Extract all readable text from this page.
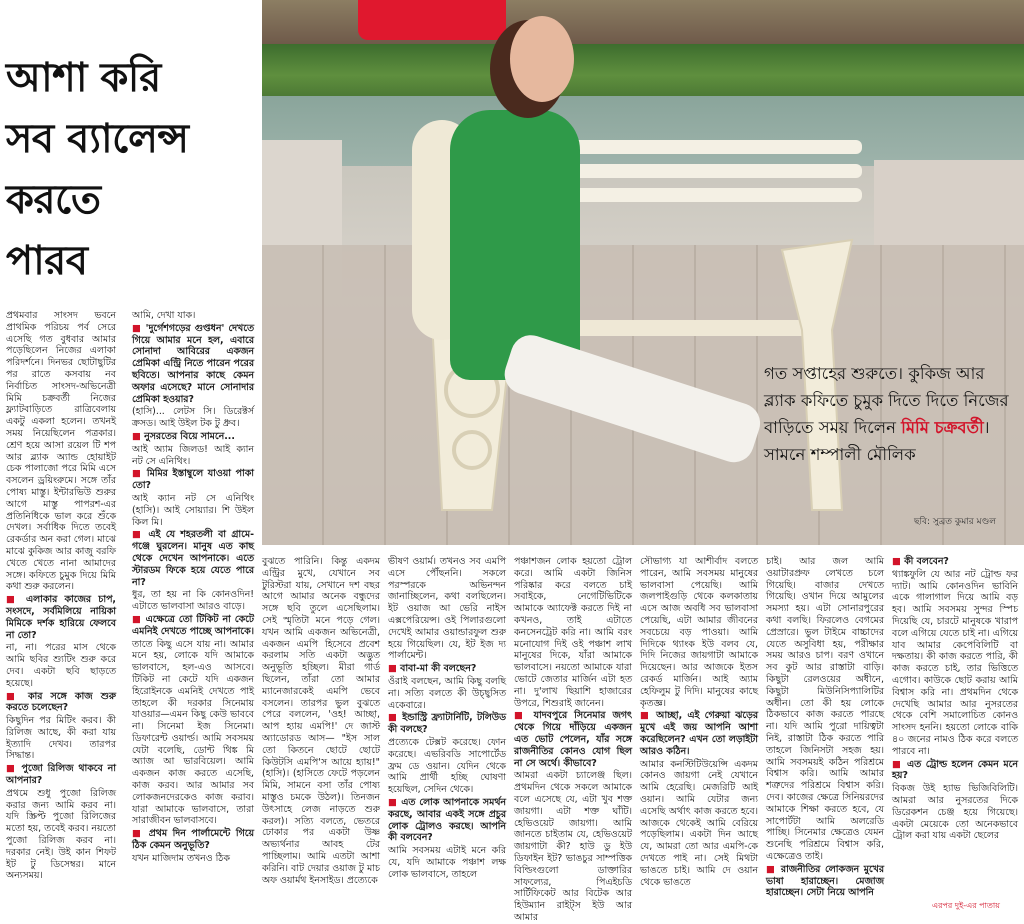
আশা করি
সব ব্যালেন্স
করতে
পারব
গত সপ্তাহের শুরুতে। কুকিজ আর ব্ল্যাক কফিতে চুমুক দিতে দিতে নিজের বাড়িতে সময় দিলেন মিমি চক্রবর্তী। সামনে শম্পালী মৌলিক
ছবি: সুব্রত কুমার মণ্ডল

প্রথমবার সাংসদ ভবনে প্রাথমিক পরিচয় পর্ব সেরে এসেছি গত বুধবার আমার পড়েছিলেন নিজের এলাকা পরিদর্শনে। দিনভর ছোটাছুটির পর রাতে কসবায় নব নির্বাচিত সাংসদ-অভিনেত্রী মিমি চক্রবর্তী নিজের ফ্ল্যাটবাড়িতে রাত্রিবেলায় একটু একলা হলেন। তখনই সময় নিয়েছিলেন পত্রকার। শ্রেণ হয়ে আসা রয়েল টি শপ আর ব্ল্যাক অ্যান্ড হোয়াইট চেক পালাজো পরে মিমি এসে বসলেন ড্রয়িংরুমে। সঙ্গে তাঁর পোষ্য মাস্তু। ইন্টারভিউ শুরুর আগে মাস্তু পাপরশ-এর প্রতিনিধিকে ভাল করে শুঁকে দেখল। সর্বাধিক দিতে তবেই রেকর্ডার অন করা গেল। মাঝে মাঝে কুকিজ আর কাজু বরফি খেতে খেতে নানা আমাদের সঙ্গে। কফিতে চুমুক দিয়ে মিমি কথা শুরু করলেন।

■ এলাকার কাজের চাপ, সংসদে, সর্বমিলিয়ে নায়িকা মিমিকে দর্শক হারিয়ে ফেলবে না তো?

না, না। পরের মাস থেকে আমি ছবির শ্যুটিং শুরু করে দেব। একটা ছবি ছাড়তে হয়েছে।

■ কার সঙ্গে কাজ শুরু করতে চলেছেন?

কিছুদিন পর মিটিং করব। কী রিলিজ আছে, কী করা যায় ইত্যাদি দেখব। তারপর সিদ্ধান্ত।

■ পুজো রিলিজ থাকবে না আপনার?

প্রথমে শুধু পুজো রিলিজ করার জন্য আমি করব না। যদি স্ক্রিপ্ট পুজো রিলিজের মতো হয়, তবেই করব। নয়তো পুজো রিলিজ করব না। দরকার নেই। উই কান শিফট ইট টু ডিসেম্বর। মানে অন্যসময়।

আমি, দেখা যাক।

■ 'দুর্গেশগড়ের গুপ্তধন' দেখতে গিয়ে আমার মনে হল, এবারে সোনাদা আবিরের একজন প্রেমিকা এন্ট্রি নিতে পারেন পরের ছবিতে। আপনার কাছে কেমন অফার এসেছে? মানে সোনাদার প্রেমিকা হওয়ার?

(হাসি)... লেটস সি। ডিরেক্টর্স ক্রসড। আই উইল টক টু ধ্রুব।

■ নুসরতের বিয়ে সামনে...

আই অ্যাম জিলড! আই ক্যান নট সে এনিথিং।

■ মিমির ইস্তাম্বুলে যাওয়া পাকা তো?

আই ক্যান নট সে এনিথিং (হাসি)। আই সোয়্যার। শি উইল কিল মি।

■ এই যে শহরতলী বা গ্রামে-গঞ্জে ঘুরলেন। মানুষ এত কাছ থেকে দেখেন আপনাকে। এতে স্টারডম ফিকে হয়ে যেতে পারে না?

ধুর, তা হয় না কি কোনওদিন! এটাতে ভালবাসা আরও বাড়ে।

■ এক্ষেত্রে তো টিকিট না কেটে এমনিই দেখতে পাচ্ছে আপনাকে।

তাতে কিছু এসে যায় না। আমার মনে হয়, লোকে যদি আমাকে ভালবাসে, হল-এও আসবে। টিকিট না কেটে যদি একজন হিরোইনকে এমনিই দেখতে পাই তাহলে কী দরকার সিনেমায় যাওয়ার—এমন কিছু কেউ ভাববে না। সিনেমা ইজ সিনেমা। ডিফারেন্ট ওয়ার্ল্ড। আমি সবসময় যেটা বলেছি, ডোন্ট থিঙ্ক মি অ্যাজ আ ভারবিয়েল। আমি একজন কাজ করতে এসেছি, কাজ করব। আর আমার সব লোকজনদেরকেও কাজ করাব। যারা আমাকে ভালবাসে, তারা সারাজীবন ভালবাসবে।

■ প্রথম দিন পার্লামেন্টে গিয়ে ঠিক কেমন অনুভূতি?

যখন মাজিদাম তখনও ঠিক

বুঝতে পারিনি। কিন্তু একদম এন্ট্রির মুখে, যেখানে সব টুরিস্টরা যায়, সেখানে দশ বছর আগে আমার অনেক বন্ধুদের সঙ্গে ছবি তুলে এসেছিলাম। সেই স্মৃতিটা মনে পড়ে গেল। যখন আমি একজন অভিনেত্রী, একজন এমপি হিসেবে প্রবেশ করলাম সতি একটা অদ্ভুত অনুভূতি হচ্ছিল। মীরা গার্ড ছিলেন, তাঁরা তো আমার ম্যানেজারকেই এমপি ভেবে বসলেন। তারপর ভুল বুঝতে পেরে বললেন, 'ওহ! আচ্ছা, আপ হ্যায় এমপি!' দে জাস্ট অ্যাডোরড আস— "ইস সাল তো কিতনে ছোটে ছোটে কিউটসি এমপি'স আয়ে হ্যায়!" (হাসি)। (হাসিতে ফেটে পড়লেন মিমি, সামনে বসা তাঁর পোষ্য মাস্তুও চমকে উঠল)। তিনজন উৎসাহে লেজ নাড়তে শুরু করল)। সত্যি বলতে, ভেতরে ঢোকার পর একটা উষ্ণ অভ্যর্থনার আবহ টের পাচ্ছিলাম। আমি এতটা আশা করিনি। বাট দেয়ার ওয়াজ টু মাচ অফ ওয়ার্মথ ইনসাইড। প্রত্যেকে

ভীষণ ওয়ার্ম। তখনও সব এমপি এসে পৌঁছননি। সকলে পরস্পরকে অভিনন্দন জানাচ্ছিলেন, কথা বলছিলেন। ইট ওয়াজ আ ভেরি নাইস এক্সপেরিয়েন্স। ওই পিলারগুলো দেখেই আমার ওয়ান্ডারফুল শুরু হয়ে গিয়েছিল। যে, ইট ইজ দ্য পার্লামেন্ট।

■ বাবা-মা কী বলছেন?

ওঁরাই বলছেন, আমি কিছু বলছি না। সত্যি বলতে কী উচ্ছ্বসিত একেবারে।

■ ইন্ডাস্ট্রি ফ্র্যাটার্নিটি, টলিউড কী বলছে?

প্রত্যেকে টেক্সট করেছে। ফোন করেছে। এভরিবডি সাপোর্টেড ফ্রম ডে ওয়ান। যেদিন থেকে আমি প্রার্থী হচ্ছি ঘোষণা হয়েছিল, সেদিন থেকে।

■ এত লোক আপনাকে সমর্থন করছে, আবার একই সঙ্গে প্রচুর লোক ট্রোলও করছে। আপনি কী বলবেন?

আমি সবসময় এটাই মনে করি যে, যদি আমাকে পঞ্চাশ লক্ষ লোক ভালবাসে, তাহলে

পঞ্চাশজন লোক হয়তো ট্রোল করে। আমি একটা জিনিস পরিষ্কার করে বলতে চাই সবাইকে, নেগেটিভিটিকে আমাকে অ্যাফেক্ট করতে দিই না কখনও, তাই এটাতে কনসেনট্রেট করি না। আমি বরং মনোযোগ দিই ওই পঞ্চাশ লাখ মানুষের দিকে, যাঁরা আমাকে ভালবাসে। নয়তো আমাকে যারা ভোটে জেতার মার্জিন এটা হত না। দু'লাখ ছিয়াশি হাজারের উপরে, শিশুরাই জানেন।

■ যাদবপুরে সিনেমার জগৎ থেকে গিয়ে দাঁড়িয়ে একজন এত ভোট পেলেন, যাঁর সঙ্গে রাজনীতির কোনও যোগ ছিল না সে অর্থে। কীভাবে?

আমরা একটা চ্যালেঞ্জ ছিল। প্রথমদিন থেকে সকলে আমাকে বলে এসেছে যে, এটা খুব শক্ত জায়গা। এটা শক্ত ঘাঁটি। হেভিওয়েট জায়গা। আমি জানতে চাইতাম যে, হেভিওয়েট জায়গাটা কী? হাউ ডু ইউ ডিফাইন ইট? ভাঙচুর সাম্পত্তিক বিল্ডিংগুলো ডাক্তারির সাফল্যের, পিএইচডি সার্টিফিকেট আর বিটেক আর হিউম্যান রাইট্স ইউ আর আমার

সৌভাগ্য যা আশীর্বাদ বলতে পারেন, আমি সবসময় মানুষের ভালবাসা পেয়েছি। আমি জলপাইগুড়ি থেকে কলকাতায় এসে আজ অবধি সব ভালবাসা পেয়েছি, এটা আমার জীবনের সবচেয়ে বড় পাওয়া। আমি দিদিকে থ্যাংক ইউ বলব যে, দিদি নিজের জায়গাটা আমাকে দিয়েছেন। আর আজকে ইতস রেকর্ড মার্জিন। আই অ্যাম হেফিলুম টু দিদি। মানুষের কাছে কৃতজ্ঞ।

■ আচ্ছা, এই গেরুয়া ঝড়ের মুখে এই জয় আপনি আশা করেছিলেন? এখন তো লড়াইটা আরও কঠিন।

আমার কনস্টিটিউয়েন্সি একদম কোনও জায়গা নেই যেখানে আমি হেরেছি। মেজরিটি আই ওয়ান। আমি যেটার জন্য এসেছি অর্থাৎ কাজ করতে হবে। আজকে থেকেই আমি বেরিয়ে পড়েছিলাম। একটা দিন আছে যে, আমরা তো আর এমপি-কে দেখতে পাই না। সেই মিথটা ভাঙতে চাই। আমি দে ওয়ান থেকে ভাঙতে

চাই। আর জল আমি ওয়াটারপ্রুফ লেখতে চলে গিয়েছি। বাজার দেখতে গিয়েছি। ওখান দিয়ে আমুলের সমস্যা হয়। এটা সোনারপুরের কথা বলছি। ফিরলেও বেগমের প্রেস্রারে। ভুল টাইমে বাচ্চাদের যেতে অসুবিধা হয়, পরীক্ষার সময় আরও চাপ। বরণ ওখানে সব কুট আর রাস্তাটা বাড়ি। কিছুটা রেলওয়ের অধীনে, কিছুটা মিউনিসিপ্যালিটির অধীন। তো কী হয় লোকে ঠিকভাবে কাজ করতে পারছে না। যদি আমি পুরো দায়িত্বটা নিই, রাস্তাটা ঠিক করতে পারি তাহলে জিনিসটা সহজ হয়। আমি সবসময়ই কঠিন পরিশ্রমে বিশ্বাস করি। আমি আমার শত্রুদের পরিশ্রমে বিশ্বাস করি। দেব। কাজের ক্ষেত্রে সিনিয়রদের আমাকে শিক্ষা করতে হবে, যে সাপোর্টটা আমি অলরেডি পাচ্ছি। সিনেমার ক্ষেত্রেও যেমন শুনেছি পরিশ্রমে বিশ্বাস করি, এক্ষেত্রেও তাই।

■ রাজনীতির লোকজন মুখের ভাষা হারাচ্ছেন। মেজাজ হারাচ্ছেন। সেটা নিয়ে আপনি

■ কী বলবেন?

থ্যাঙ্কফুলি যে আর নট ট্রোল্ড ফর দ্যাট। আমি কোনওদিন ভাবিনি একে গালাগাল দিয়ে আমি বড় হব। আমি সবসময় সুন্দর স্পিচ দিয়েছি যে, চারটে মানুষকে খারাপ বলে এগিয়ে যেতে চাই না। এগিয়ে যাব আমার কেপেবিলিটি বা দক্ষতায়। কী কাজ করতে পারি, কী কাজ করতে চাই, তার ভিত্তিতে এগোব। কাউকে ছোট করায় আমি বিশ্বাস করি না। প্রথমদিন থেকে দেখেছি আমার আর নুসরতের থেকে বেশি সমালোচিত কোনও সাংসদ হননি। হয়তো লোকে বাকি ৪০ জনের নামও ঠিক করে বলতে পারবে না।

■ এত ট্রোল্ড হলেন কেমন মনে হয়?

বিকজ উই হ্যাভ ভিজিবিলিটি। আমরা আর নুসরতের দিকে ডিরেকশন চেঞ্জ হয়ে গিয়েছে। একটা মেয়েকে তো অনেকভাবে ট্রোল করা যায় একটা ছেলের

এরপর দুই-এর পাতায়
